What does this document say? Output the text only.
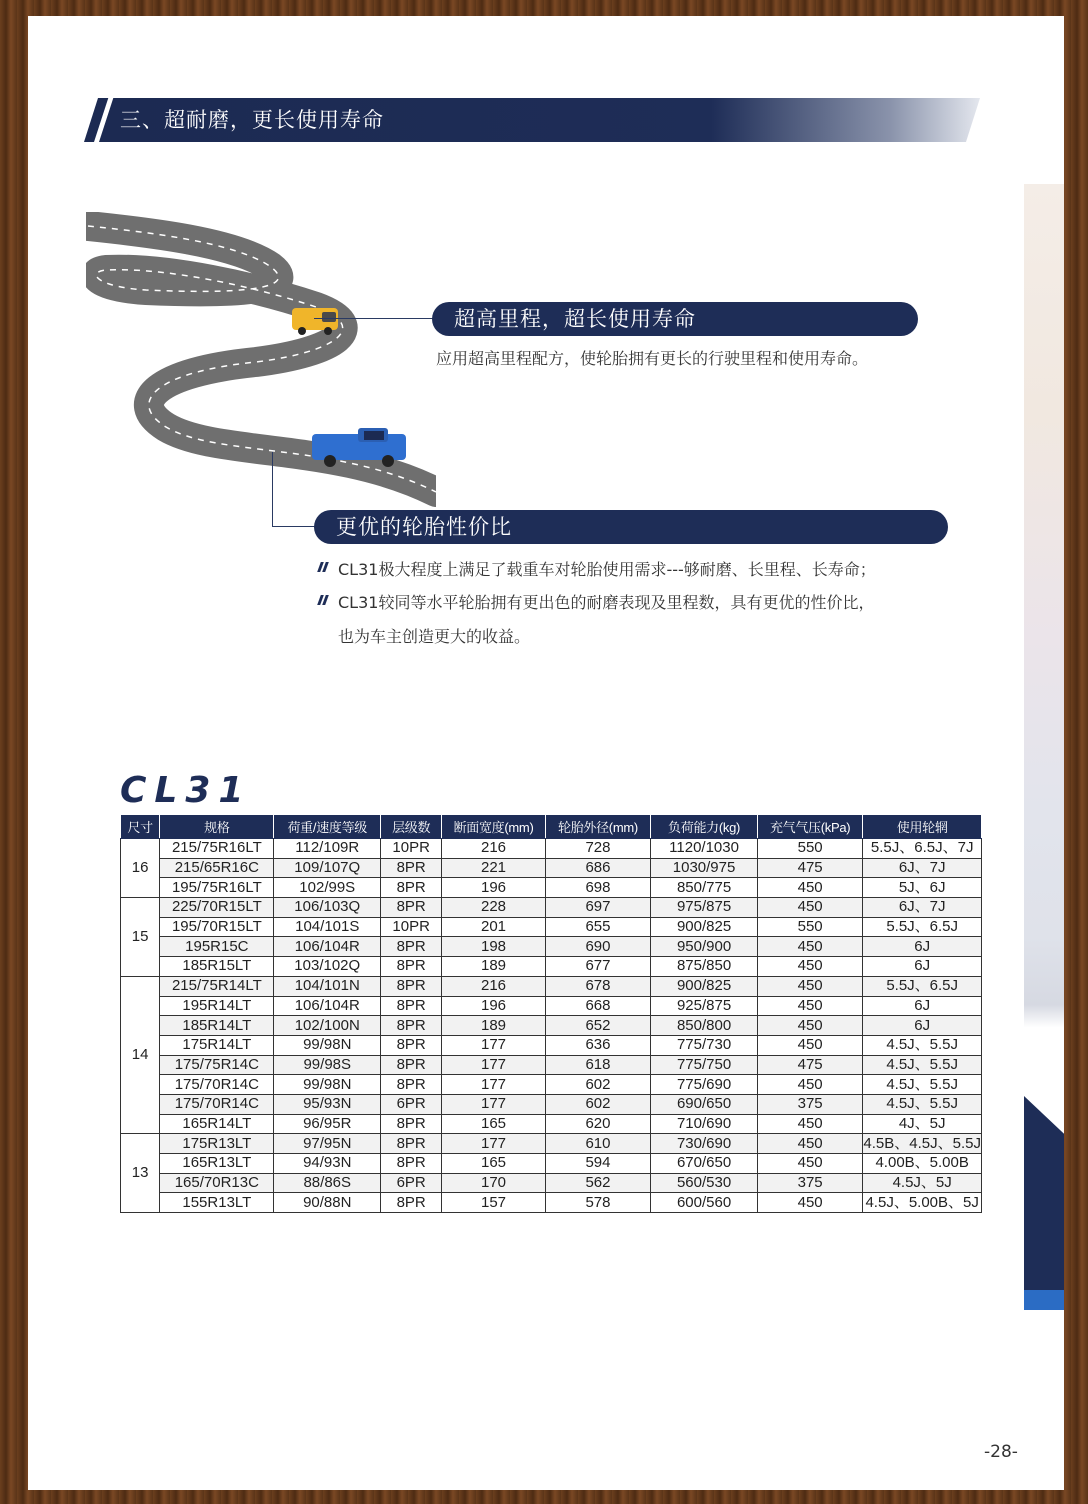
三、超耐磨，更长使用寿命
超高里程，超长使用寿命
应用超高里程配方，使轮胎拥有更长的行驶里程和使用寿命。
更优的轮胎性价比
CL31极大程度上满足了载重车对轮胎使用需求---够耐磨、长里程、长寿命；
CL31较同等水平轮胎拥有更出色的耐磨表现及里程数，具有更优的性价比，
也为车主创造更大的收益。
CL31
尺寸	规格	荷重/速度等级	层级数	断面宽度(mm)	轮胎外径(mm)	负荷能力(kg)	充气气压(kPa)	使用轮辋
16	215/75R16LT	112/109R	10PR	216	728	1120/1030	550	5.5J、6.5J、7J
	215/65R16C	109/107Q	8PR	221	686	1030/975	475	6J、7J
	195/75R16LT	102/99S	8PR	196	698	850/775	450	5J、6J
15	225/70R15LT	106/103Q	8PR	228	697	975/875	450	6J、7J
	195/70R15LT	104/101S	10PR	201	655	900/825	550	5.5J、6.5J
	195R15C	106/104R	8PR	198	690	950/900	450	6J
	185R15LT	103/102Q	8PR	189	677	875/850	450	6J
14	215/75R14LT	104/101N	8PR	216	678	900/825	450	5.5J、6.5J
	195R14LT	106/104R	8PR	196	668	925/875	450	6J
	185R14LT	102/100N	8PR	189	652	850/800	450	6J
	175R14LT	99/98N	8PR	177	636	775/730	450	4.5J、5.5J
	175/75R14C	99/98S	8PR	177	618	775/750	475	4.5J、5.5J
	175/70R14C	99/98N	8PR	177	602	775/690	450	4.5J、5.5J
	175/70R14C	95/93N	6PR	177	602	690/650	375	4.5J、5.5J
	165R14LT	96/95R	8PR	165	620	710/690	450	4J、5J
13	175R13LT	97/95N	8PR	177	610	730/690	450	4.5B、4.5J、5.5J
	165R13LT	94/93N	8PR	165	594	670/650	450	4.00B、5.00B
	165/70R13C	88/86S	6PR	170	562	560/530	375	4.5J、5J
	155R13LT	90/88N	8PR	157	578	600/560	450	4.5J、5.00B、5J
-28-
